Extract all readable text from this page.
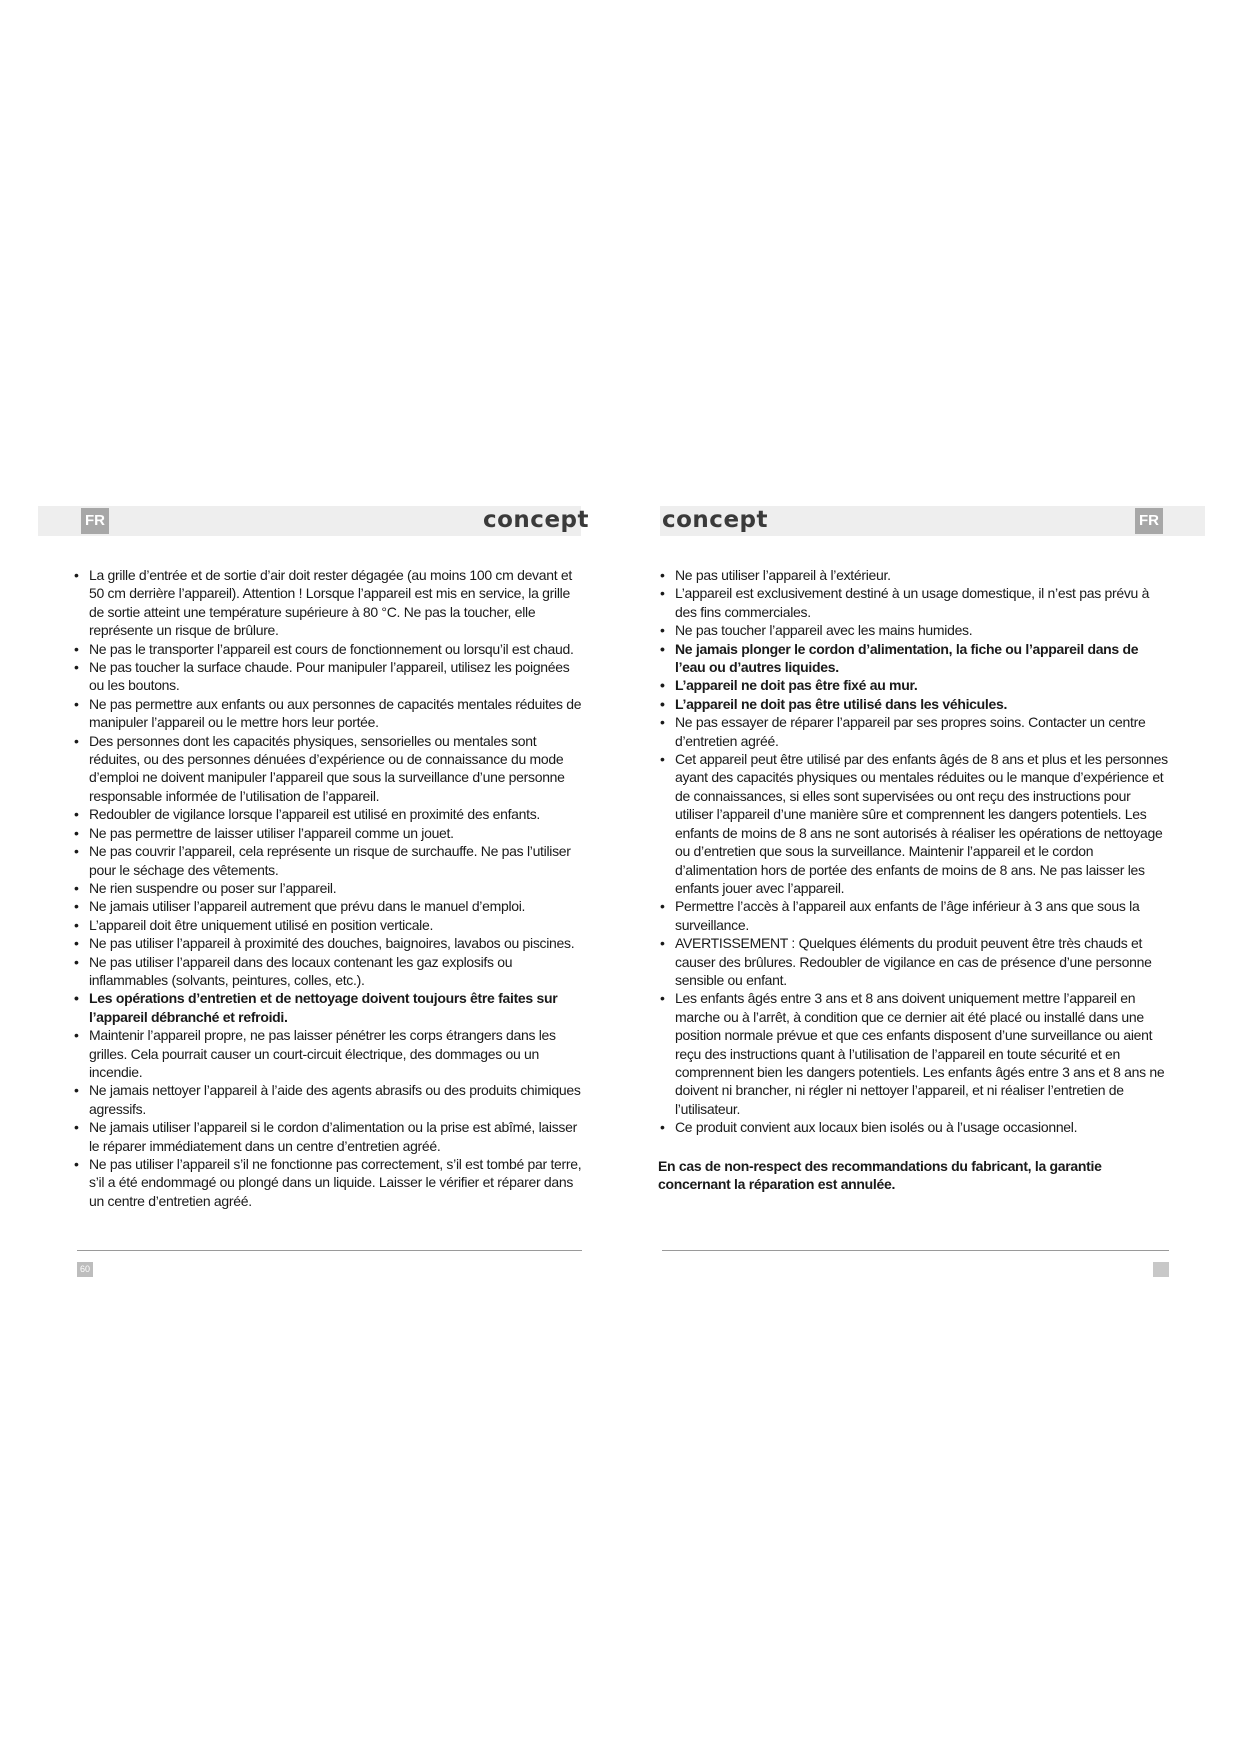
FR	concept	concept	FR
• La grille d’entrée et de sortie d’air doit rester dégagée (au moins 100 cm devant et 50 cm derrière l’appareil). Attention ! Lorsque l’appareil est mis en service, la grille de sortie atteint une température supérieure à 80 °C. Ne pas la toucher, elle représente un risque de brûlure.
• Ne pas le transporter l’appareil est cours de fonctionnement ou lorsqu’il est chaud.
• Ne pas toucher la surface chaude. Pour manipuler l’appareil, utilisez les poignées ou les boutons.
• Ne pas permettre aux enfants ou aux personnes de capacités mentales réduites de manipuler l’appareil ou le mettre hors leur portée.
• Des personnes dont les capacités physiques, sensorielles ou mentales sont réduites, ou des personnes dénuées d’expérience ou de connaissance du mode d’emploi ne doivent manipuler l’appareil que sous la surveillance d’une personne responsable informée de l’utilisation de l’appareil.
• Redoubler de vigilance lorsque l’appareil est utilisé en proximité des enfants.
• Ne pas permettre de laisser utiliser l’appareil comme un jouet.
• Ne pas couvrir l’appareil, cela représente un risque de surchauffe. Ne pas l’utiliser pour le séchage des vêtements.
• Ne rien suspendre ou poser sur l’appareil.
• Ne jamais utiliser l’appareil autrement que prévu dans le manuel d’emploi.
• L’appareil doit être uniquement utilisé en position verticale.
• Ne pas utiliser l’appareil à proximité des douches, baignoires, lavabos ou piscines.
• Ne pas utiliser l’appareil dans des locaux contenant les gaz explosifs ou inflammables (solvants, peintures, colles, etc.).
• Les opérations d’entretien et de nettoyage doivent toujours être faites sur l’appareil débranché et refroidi.
• Maintenir l’appareil propre, ne pas laisser pénétrer les corps étrangers dans les grilles. Cela pourrait causer un court-circuit électrique, des dommages ou un incendie.
• Ne jamais nettoyer l’appareil à l’aide des agents abrasifs ou des produits chimiques agressifs.
• Ne jamais utiliser l’appareil si le cordon d’alimentation ou la prise est abîmé, laisser le réparer immédiatement dans un centre d’entretien agréé.
• Ne pas utiliser l’appareil s’il ne fonctionne pas correctement, s’il est tombé par terre, s’il a été endommagé ou plongé dans un liquide. Laisser le vérifier et réparer dans un centre d’entretien agréé.
• Ne pas utiliser l’appareil à l’extérieur.
• L’appareil est exclusivement destiné à un usage domestique, il n’est pas prévu à des fins commerciales.
• Ne pas toucher l’appareil avec les mains humides.
• Ne jamais plonger le cordon d’alimentation, la fiche ou l’appareil dans de l’eau ou d’autres liquides.
• L’appareil ne doit pas être fixé au mur.
• L’appareil ne doit pas être utilisé dans les véhicules.
• Ne pas essayer de réparer l’appareil par ses propres soins. Contacter un centre d’entretien agréé.
• Cet appareil peut être utilisé par des enfants âgés de 8 ans et plus et les personnes ayant des capacités physiques ou mentales réduites ou le manque d’expérience et de connaissances, si elles sont supervisées ou ont reçu des instructions pour utiliser l’appareil d’une manière sûre et comprennent les dangers potentiels. Les enfants de moins de 8 ans ne sont autorisés à réaliser les opérations de nettoyage ou d’entretien que sous la surveillance. Maintenir l’appareil et le cordon d’alimentation hors de portée des enfants de moins de 8 ans. Ne pas laisser les enfants jouer avec l’appareil.
• Permettre l’accès à l’appareil aux enfants de l’âge inférieur à 3 ans que sous la surveillance.
• AVERTISSEMENT : Quelques éléments du produit peuvent être très chauds et causer des brûlures. Redoubler de vigilance en cas de présence d’une personne sensible ou enfant.
• Les enfants âgés entre 3 ans et 8 ans doivent uniquement mettre l’appareil en marche ou à l’arrêt, à condition que ce dernier ait été placé ou installé dans une position normale prévue et que ces enfants disposent d’une surveillance ou aient reçu des instructions quant à l’utilisation de l’appareil en toute sécurité et en comprennent bien les dangers potentiels. Les enfants âgés entre 3 ans et 8 ans ne doivent ni brancher, ni régler ni nettoyer l’appareil, et ni réaliser l’entretien de l’utilisateur.
• Ce produit convient aux locaux bien isolés ou à l’usage occasionnel.

En cas de non-respect des recommandations du fabricant, la garantie concernant la réparation est annulée.

60
